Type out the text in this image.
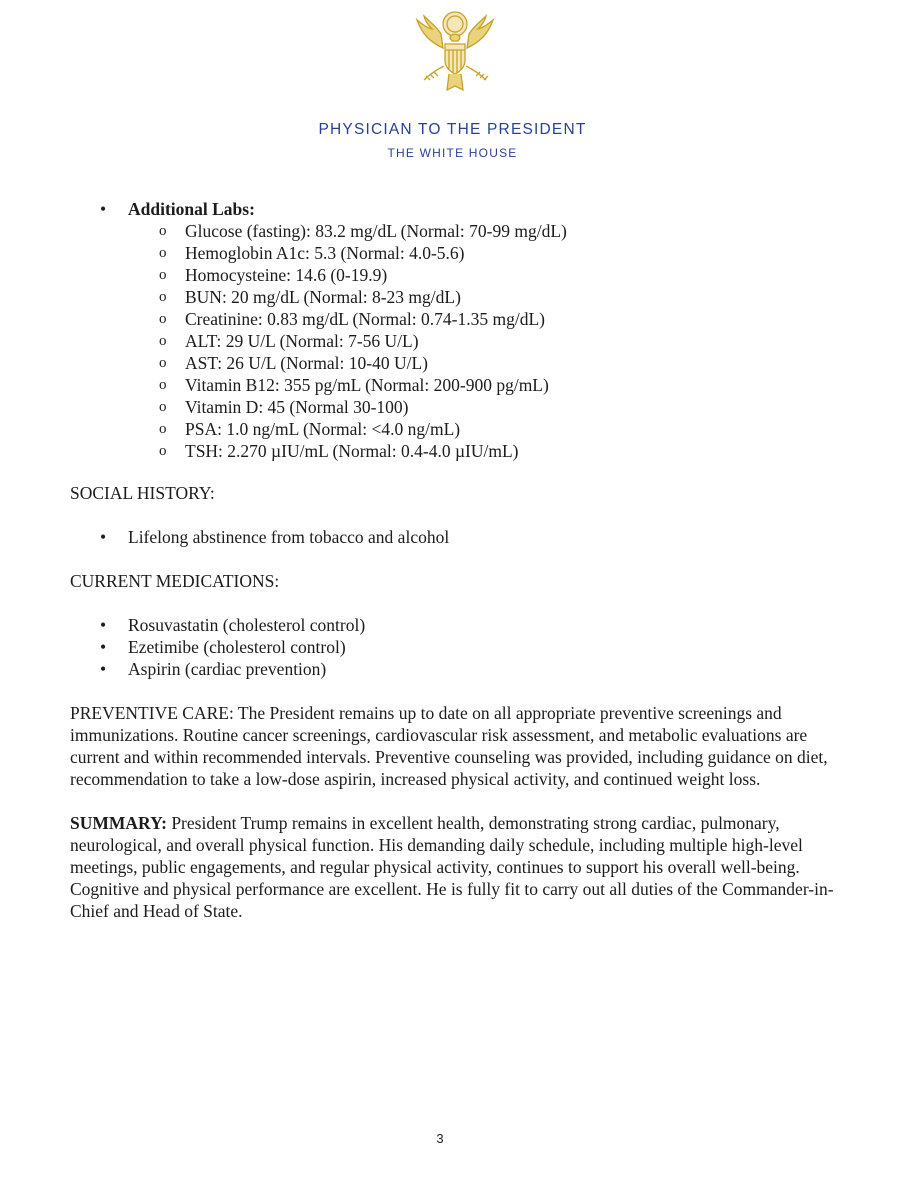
PHYSICIAN TO THE PRESIDENT
THE WHITE HOUSE
• Additional Labs:
o Glucose (fasting): 83.2 mg/dL (Normal: 70-99 mg/dL)
o Hemoglobin A1c: 5.3 (Normal: 4.0-5.6)
o Homocysteine: 14.6 (0-19.9)
o BUN: 20 mg/dL (Normal: 8-23 mg/dL)
o Creatinine: 0.83 mg/dL (Normal: 0.74-1.35 mg/dL)
o ALT: 29 U/L (Normal: 7-56 U/L)
o AST: 26 U/L (Normal: 10-40 U/L)
o Vitamin B12: 355 pg/mL (Normal: 200-900 pg/mL)
o Vitamin D: 45 (Normal 30-100)
o PSA: 1.0 ng/mL (Normal: <4.0 ng/mL)
o TSH: 2.270 µIU/mL (Normal: 0.4-4.0 µIU/mL)

SOCIAL HISTORY:

• Lifelong abstinence from tobacco and alcohol

CURRENT MEDICATIONS:

• Rosuvastatin (cholesterol control)
• Ezetimibe (cholesterol control)
• Aspirin (cardiac prevention)

PREVENTIVE CARE: The President remains up to date on all appropriate preventive screenings and immunizations. Routine cancer screenings, cardiovascular risk assessment, and metabolic evaluations are current and within recommended intervals. Preventive counseling was provided, including guidance on diet, recommendation to take a low-dose aspirin, increased physical activity, and continued weight loss.

SUMMARY: President Trump remains in excellent health, demonstrating strong cardiac, pulmonary, neurological, and overall physical function. His demanding daily schedule, including multiple high-level meetings, public engagements, and regular physical activity, continues to support his overall well-being. Cognitive and physical performance are excellent. He is fully fit to carry out all duties of the Commander-in-Chief and Head of State.

3
